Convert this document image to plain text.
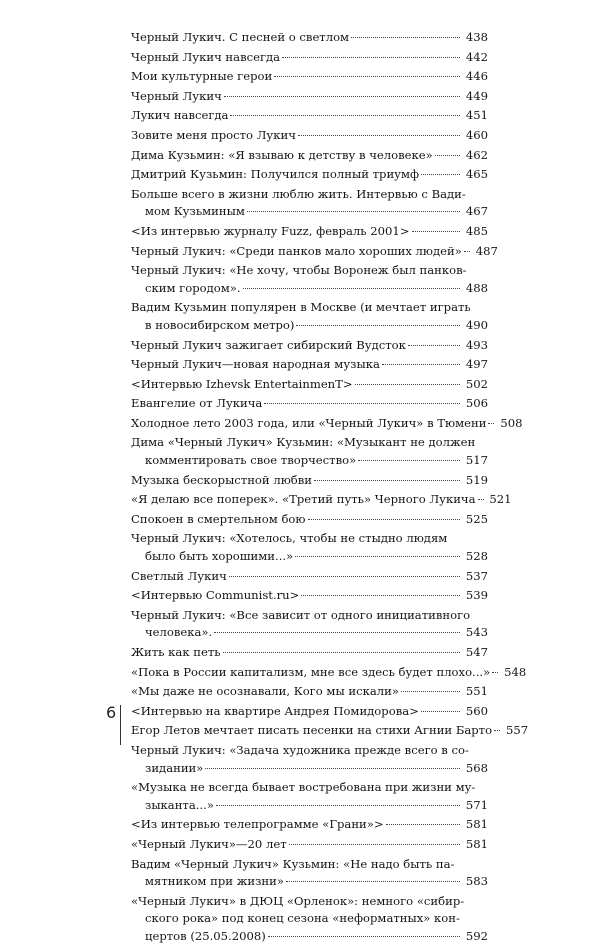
Черный Лукич. С песней о светлом	438
Черный Лукич навсегда	442
Мои культурные герои	446
Черный Лукич	449
Лукич навсегда	451
Зовите меня просто Лукич	460
Дима Кузьмин: «Я взываю к детству в человеке»	462
Дмитрий Кузьмин: Получился полный триумф	465
Больше всего в жизни люблю жить. Интервью с Вади-
мом Кузьминым	467
<Из интервью журналу Fuzz, февраль 2001>	485
Черный Лукич: «Среди панков мало хороших людей»	487
Черный Лукич: «Не хочу, чтобы Воронеж был панков-
ским городом».	488
Вадим Кузьмин популярен в Москве (и мечтает играть
в новосибирском метро)	490
Черный Лукич зажигает сибирский Вудсток	493
Черный Лукич—новая народная музыка	497
<Интервью Izhevsk EntertainmenT>	502
Евангелие от Лукича	506
Холодное лето 2003 года, или «Черный Лукич» в Тюмени	508
Дима «Черный Лукич» Кузьмин: «Музыкант не должен
комментировать свое творчество»	517
Музыка бескорыстной любви	519
«Я делаю все поперек». «Третий путь» Черного Лукича	521
Спокоен в смертельном бою	525
Черный Лукич: «Хотелось, чтобы не стыдно людям
было быть хорошими...»	528
Светлый Лукич	537
<Интервью Communist.ru>	539
Черный Лукич: «Все зависит от одного инициативного
человека».	543
Жить как петь	547
«Пока в России капитализм, мне все здесь будет плохо...»	548
«Мы даже не осознавали, Кого мы искали»	551
<Интервью на квартире Андрея Помидорова>	560
Егор Летов мечтает писать песенки на стихи Агнии Барто	557
Черный Лукич: «Задача художника прежде всего в со-
зидании»	568
«Музыка не всегда бывает востребована при жизни му-
зыканта...»	571
<Из интервью телепрограмме «Грани»>	581
«Черный Лукич»—20 лет	581
Вадим «Черный Лукич» Кузьмин: «Не надо быть па-
мятником при жизни»	583
«Черный Лукич» в ДЮЦ «Орленок»: немного «сибир-
ского рока» под конец сезона «неформатных» кон-
цертов (25.05.2008)	592
6
